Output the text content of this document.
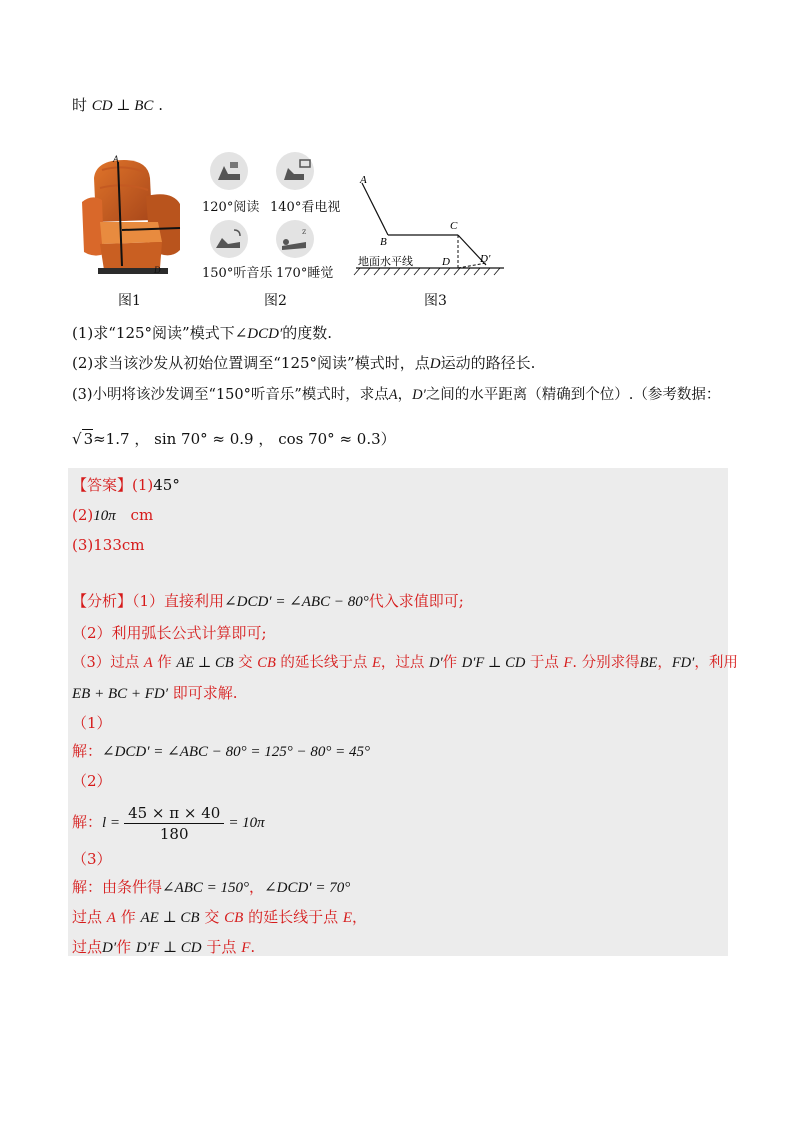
时 CD ⊥ BC .
A
D
图1
120°阅读 140°看电视
z
150°听音乐 170°睡觉
图2
A
B
C
D	D'
地面水平线
图3
(1)求“125°阅读”模式下∠DCD′的度数.
(2)求当该沙发从初始位置调至“125°阅读”模式时，点D运动的路径长.
(3)小明将该沙发调至“150°听音乐”模式时，求点A，D′之间的水平距离（精确到个位）.（参考数据：
√ 3≈1.7 ， sin 70° ≈ 0.9 ， cos 70° ≈ 0.3）
【答案】(1)45°
(2)10π cm
(3)133cm
【分析】（1）直接利用∠DCD′ = ∠ABC − 80°代入求值即可;
（2）利用弧长公式计算即可;
（3）过点 A 作 AE ⊥ CB 交 CB 的延长线于点 E，过点 D′作 D′F ⊥ CD 于点 F. 分别求得BE，FD′，利用
EB + BC + FD′ 即可求解.
（1）
解：∠DCD′ = ∠ABC − 80° = 125° − 80° = 45°
（2）
解：$l = \frac{45 \times \pi \times 40}{180} = 10\pi$
（3）
解：由条件得∠ABC = 150°，∠DCD′ = 70°
过点 A 作 AE ⊥ CB 交 CB 的延长线于点 E，
过点D′作 D′F ⊥ CD 于点 F.
